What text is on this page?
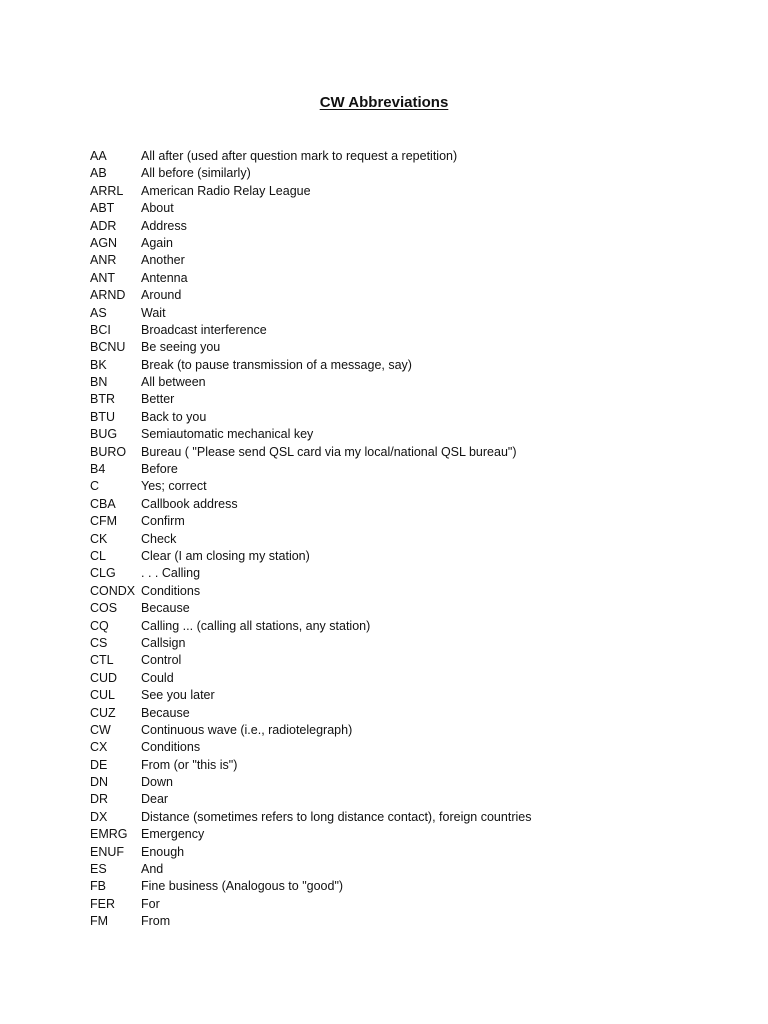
CW Abbreviations
AA	All after (used after question mark to request a repetition)
AB	All before (similarly)
ARRL	American Radio Relay League
ABT	About
ADR	Address
AGN	Again
ANR	Another
ANT	Antenna
ARND	Around
AS	Wait
BCI	Broadcast interference
BCNU	Be seeing you
BK	Break (to pause transmission of a message, say)
BN	All between
BTR	Better
BTU	Back to you
BUG	Semiautomatic mechanical key
BURO	Bureau ( "Please send QSL card via my local/national QSL bureau")
B4	Before
C	Yes; correct
CBA	Callbook address
CFM	Confirm
CK	Check
CL	Clear (I am closing my station)
CLG	. . . Calling
CONDX Conditions
COS	Because
CQ	Calling ... (calling all stations, any station)
CS	Callsign
CTL	Control
CUD	Could
CUL	See you later
CUZ	Because
CW	Continuous wave (i.e., radiotelegraph)
CX	Conditions
DE	From (or "this is")
DN	Down
DR	Dear
DX	Distance (sometimes refers to long distance contact), foreign countries
EMRG	Emergency
ENUF	Enough
ES	And
FB	Fine business (Analogous to "good")
FER	For
FM	From
